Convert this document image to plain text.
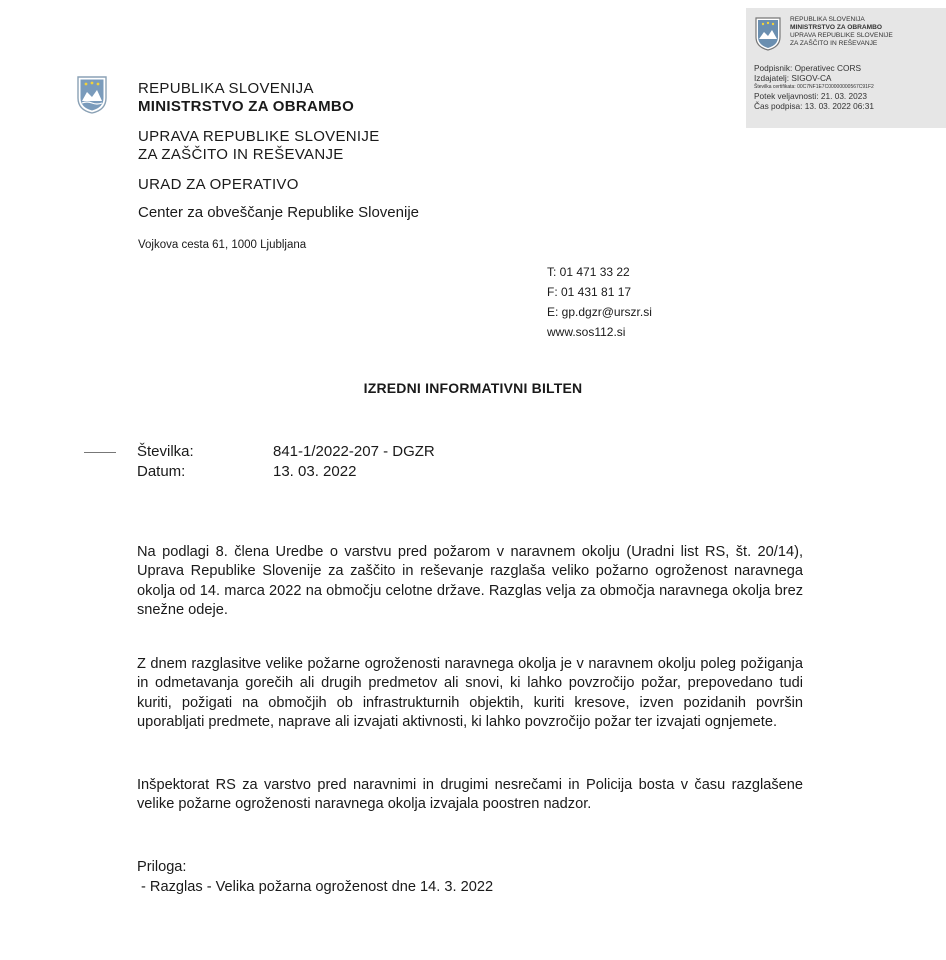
REPUBLIKA SLOVENIJA
MINISTRSTVO ZA OBRAMBO
UPRAVA REPUBLIKE SLOVENIJE
ZA ZAŠČITO IN REŠEVANJE
Podpisnik: Operativec CORS
Izdajatelj: SIGOV-CA
Številka certifikata: 00C7NF1E7C00000000567C91F2
Potek veljavnosti: 21. 03. 2023
Čas podpisa: 13. 03. 2022 06:31
REPUBLIKA SLOVENIJA
MINISTRSTVO ZA OBRAMBO
UPRAVA REPUBLIKE SLOVENIJE
ZA ZAŠČITO IN REŠEVANJE
URAD ZA OPERATIVO
Center za obveščanje Republike Slovenije
Vojkova cesta 61, 1000 Ljubljana
T: 01 471 33 22
F: 01 431 81 17
E: gp.dgzr@urszr.si
www.sos112.si
IZREDNI INFORMATIVNI BILTEN
Številka:	841-1/2022-207 - DGZR
Datum:	13. 03. 2022
Na podlagi 8. člena Uredbe o varstvu pred požarom v naravnem okolju (Uradni list RS, št. 20/14), Uprava Republike Slovenije za zaščito in reševanje razglaša veliko požarno ogroženost naravnega okolja od 14. marca 2022 na območju celotne države. Razglas velja za območja naravnega okolja brez snežne odeje.
Z dnem razglasitve velike požarne ogroženosti naravnega okolja je v naravnem okolju poleg požiganja in odmetavanja gorečih ali drugih predmetov ali snovi, ki lahko povzročijo požar, prepovedano tudi kuriti, požigati na območjih ob infrastrukturnih objektih, kuriti kresove, izven pozidanih površin uporabljati predmete, naprave ali izvajati aktivnosti, ki lahko povzročijo požar ter izvajati ognjemete.
Inšpektorat RS za varstvo pred naravnimi in drugimi nesrečami in Policija bosta v času razglašene velike požarne ogroženosti naravnega okolja izvajala poostren nadzor.
Priloga:
- Razglas - Velika požarna ogroženost dne 14. 3. 2022
